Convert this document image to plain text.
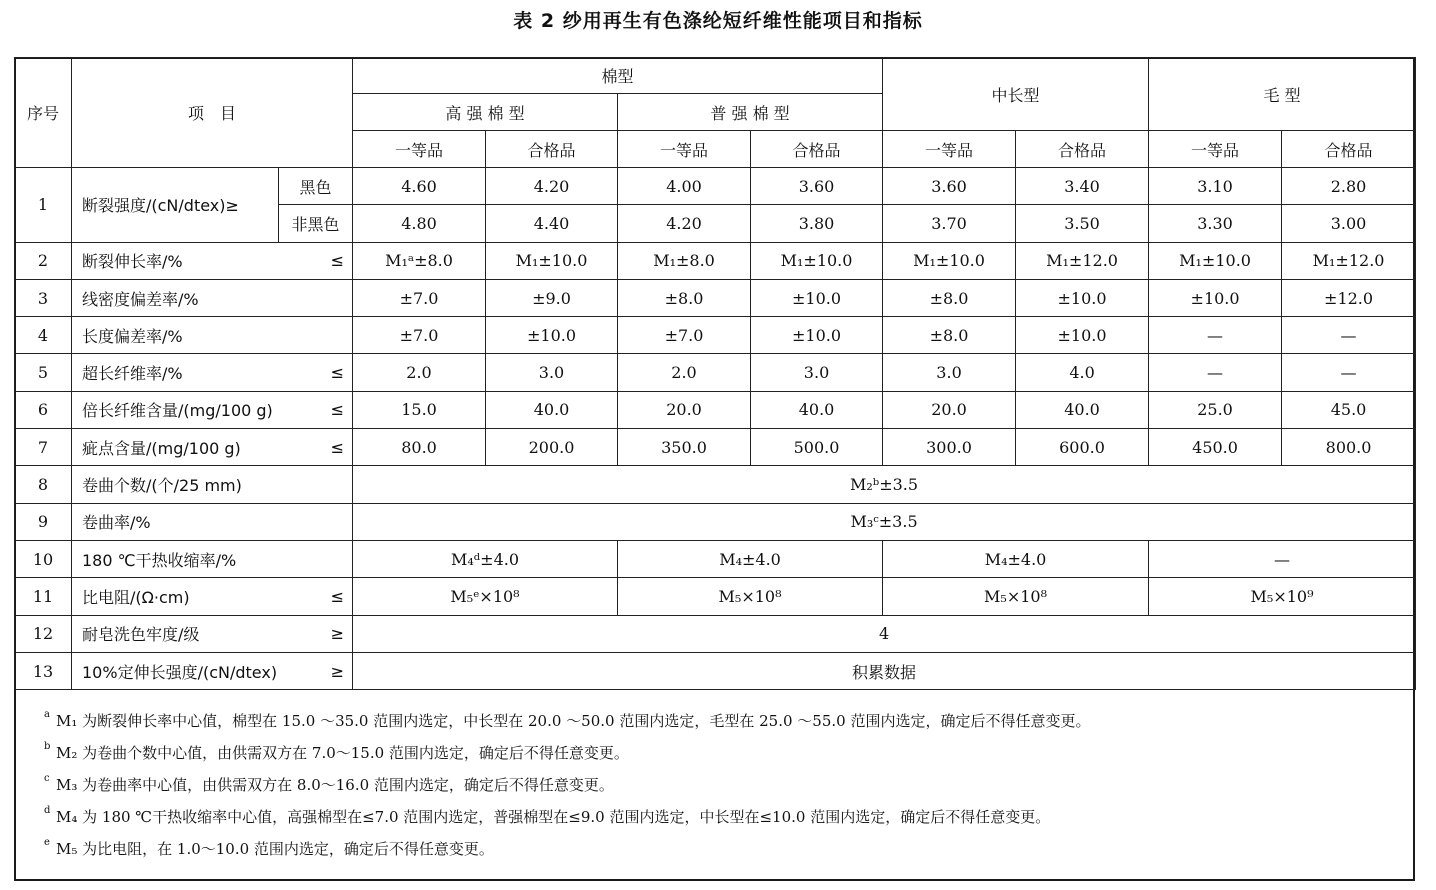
表 2 纱用再生有色涤纶短纤维性能项目和指标
序号	项　目		棉型				中长型		毛 型	
			高 强 棉 型		普 强 棉 型					
			一等品	合格品	一等品	合格品	一等品	合格品	一等品	合格品
1	断裂强度/(cN/dtex)≥	黑色	4.60	4.20	4.00	3.60	3.60	3.40	3.10	2.80
		非黑色	4.80	4.40	4.20	3.80	3.70	3.50	3.30	3.00
2	断裂伸长率/% ≤		M₁ᵃ±8.0	M₁±10.0	M₁±8.0	M₁±10.0	M₁±10.0	M₁±12.0	M₁±10.0	M₁±12.0
3	线密度偏差率/%		±7.0	±9.0	±8.0	±10.0	±8.0	±10.0	±10.0	±12.0
4	长度偏差率/%		±7.0	±10.0	±7.0	±10.0	±8.0	±10.0	—	—
5	超长纤维率/% ≤		2.0	3.0	2.0	3.0	3.0	4.0	—	—
6	倍长纤维含量/(mg/100 g) ≤		15.0	40.0	20.0	40.0	20.0	40.0	25.0	45.0
7	疵点含量/(mg/100 g) ≤		80.0	200.0	350.0	500.0	300.0	600.0	450.0	800.0
8	卷曲个数/(个/25 mm)		M₂ᵇ±3.5							
9	卷曲率/%		M₃ᶜ±3.5							
10	180 ℃干热收缩率/%		M₄ᵈ±4.0		M₄±4.0		M₄±4.0		—	
11	比电阻/(Ω·cm) ≤		M₅ᵉ×10⁸		M₅×10⁸		M₅×10⁸		M₅×10⁹	
12	耐皂洗色牢度/级 ≥		4							
13	10%定伸长强度/(cN/dtex) ≥		积累数据							
a M₁ 为断裂伸长率中心值，棉型在 15.0 ～35.0 范围内选定，中长型在 20.0 ～50.0 范围内选定，毛型在 25.0 ～55.0 范围内选定，确定后不得任意变更。
b M₂ 为卷曲个数中心值，由供需双方在 7.0～15.0 范围内选定，确定后不得任意变更。
c M₃ 为卷曲率中心值，由供需双方在 8.0～16.0 范围内选定，确定后不得任意变更。
d M₄ 为 180 ℃干热收缩率中心值，高强棉型在≤7.0 范围内选定，普强棉型在≤9.0 范围内选定，中长型在≤10.0 范围内选定，确定后不得任意变更。
e M₅ 为比电阻，在 1.0～10.0 范围内选定，确定后不得任意变更。
